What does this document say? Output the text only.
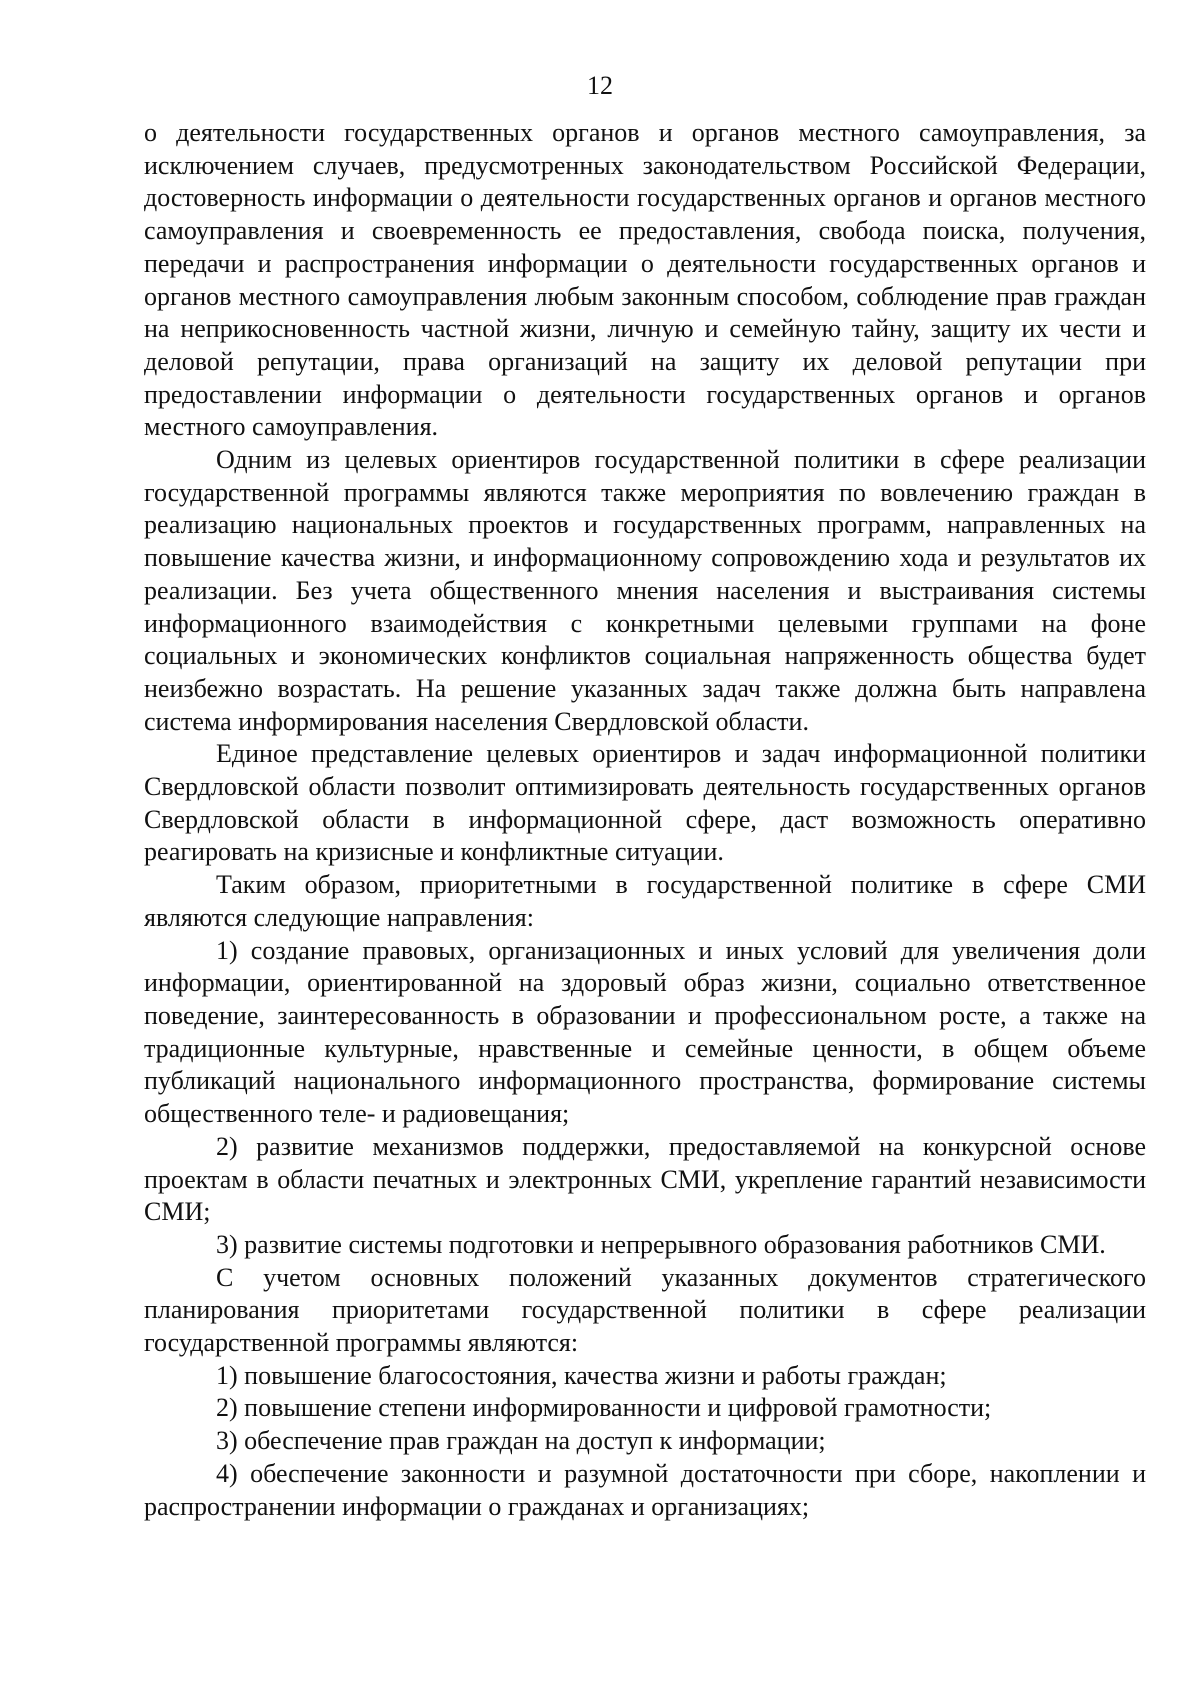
12

о деятельности государственных органов и органов местного самоуправления, за исключением случаев, предусмотренных законодательством Российской Федерации, достоверность информации о деятельности государственных органов и органов местного самоуправления и своевременность ее предоставления, свобода поиска, получения, передачи и распространения информации о деятельности государственных органов и органов местного самоуправления любым законным способом, соблюдение прав граждан на неприкосновенность частной жизни, личную и семейную тайну, защиту их чести и деловой репутации, права организаций на защиту их деловой репутации при предоставлении информации о деятельности государственных органов и органов местного самоуправления.

Одним из целевых ориентиров государственной политики в сфере реализации государственной программы являются также мероприятия по вовлечению граждан в реализацию национальных проектов и государственных программ, направленных на повышение качества жизни, и информационному сопровождению хода и результатов их реализации. Без учета общественного мнения населения и выстраивания системы информационного взаимодействия с конкретными целевыми группами на фоне социальных и экономических конфликтов социальная напряженность общества будет неизбежно возрастать. На решение указанных задач также должна быть направлена система информирования населения Свердловской области.

Единое представление целевых ориентиров и задач информационной политики Свердловской области позволит оптимизировать деятельность государственных органов Свердловской области в информационной сфере, даст возможность оперативно реагировать на кризисные и конфликтные ситуации.

Таким образом, приоритетными в государственной политике в сфере СМИ являются следующие направления:

1) создание правовых, организационных и иных условий для увеличения доли информации, ориентированной на здоровый образ жизни, социально ответственное поведение, заинтересованность в образовании и профессиональном росте, а также на традиционные культурные, нравственные и семейные ценности, в общем объеме публикаций национального информационного пространства, формирование системы общественного теле- и радиовещания;

2) развитие механизмов поддержки, предоставляемой на конкурсной основе проектам в области печатных и электронных СМИ, укрепление гарантий независимости СМИ;

3) развитие системы подготовки и непрерывного образования работников СМИ.

С учетом основных положений указанных документов стратегического планирования приоритетами государственной политики в сфере реализации государственной программы являются:

1) повышение благосостояния, качества жизни и работы граждан;

2) повышение степени информированности и цифровой грамотности;

3) обеспечение прав граждан на доступ к информации;

4) обеспечение законности и разумной достаточности при сборе, накоплении и распространении информации о гражданах и организациях;
